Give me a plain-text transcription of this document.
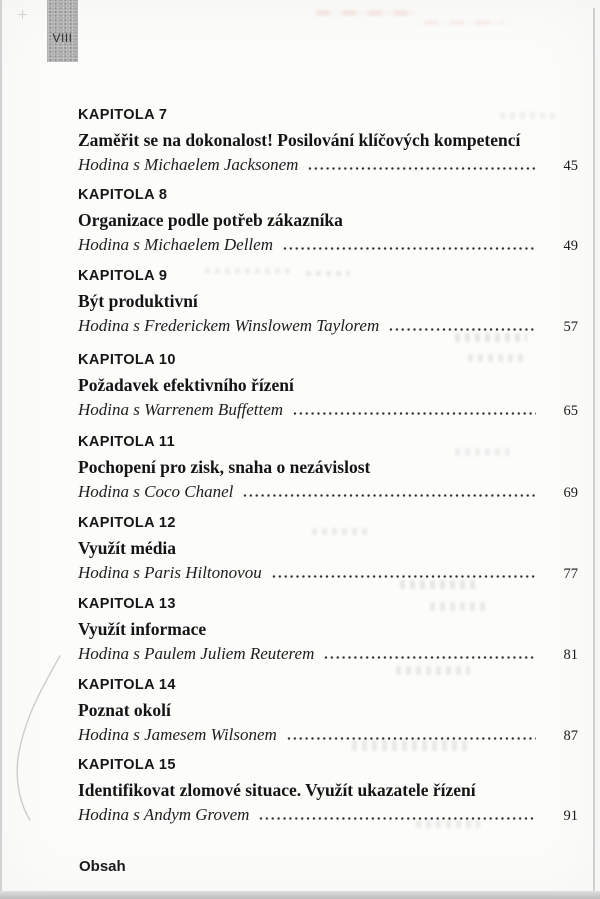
VIII
KAPITOLA 7
Zaměřit se na dokonalost! Posilování klíčových kompetencí
Hodina s Michaelem Jacksonem	45
KAPITOLA 8
Organizace podle potřeb zákazníka
Hodina s Michaelem Dellem	49
KAPITOLA 9
Být produktivní
Hodina s Frederickem Winslowem Taylorem	57
KAPITOLA 10
Požadavek efektivního řízení
Hodina s Warrenem Buffettem	65
KAPITOLA 11
Pochopení pro zisk, snaha o nezávislost
Hodina s Coco Chanel	69
KAPITOLA 12
Využít média
Hodina s Paris Hiltonovou	77
KAPITOLA 13
Využít informace
Hodina s Paulem Juliem Reuterem	81
KAPITOLA 14
Poznat okolí
Hodina s Jamesem Wilsonem	87
KAPITOLA 15
Identifikovat zlomové situace. Využít ukazatele řízení
Hodina s Andym Grovem	91
Obsah
